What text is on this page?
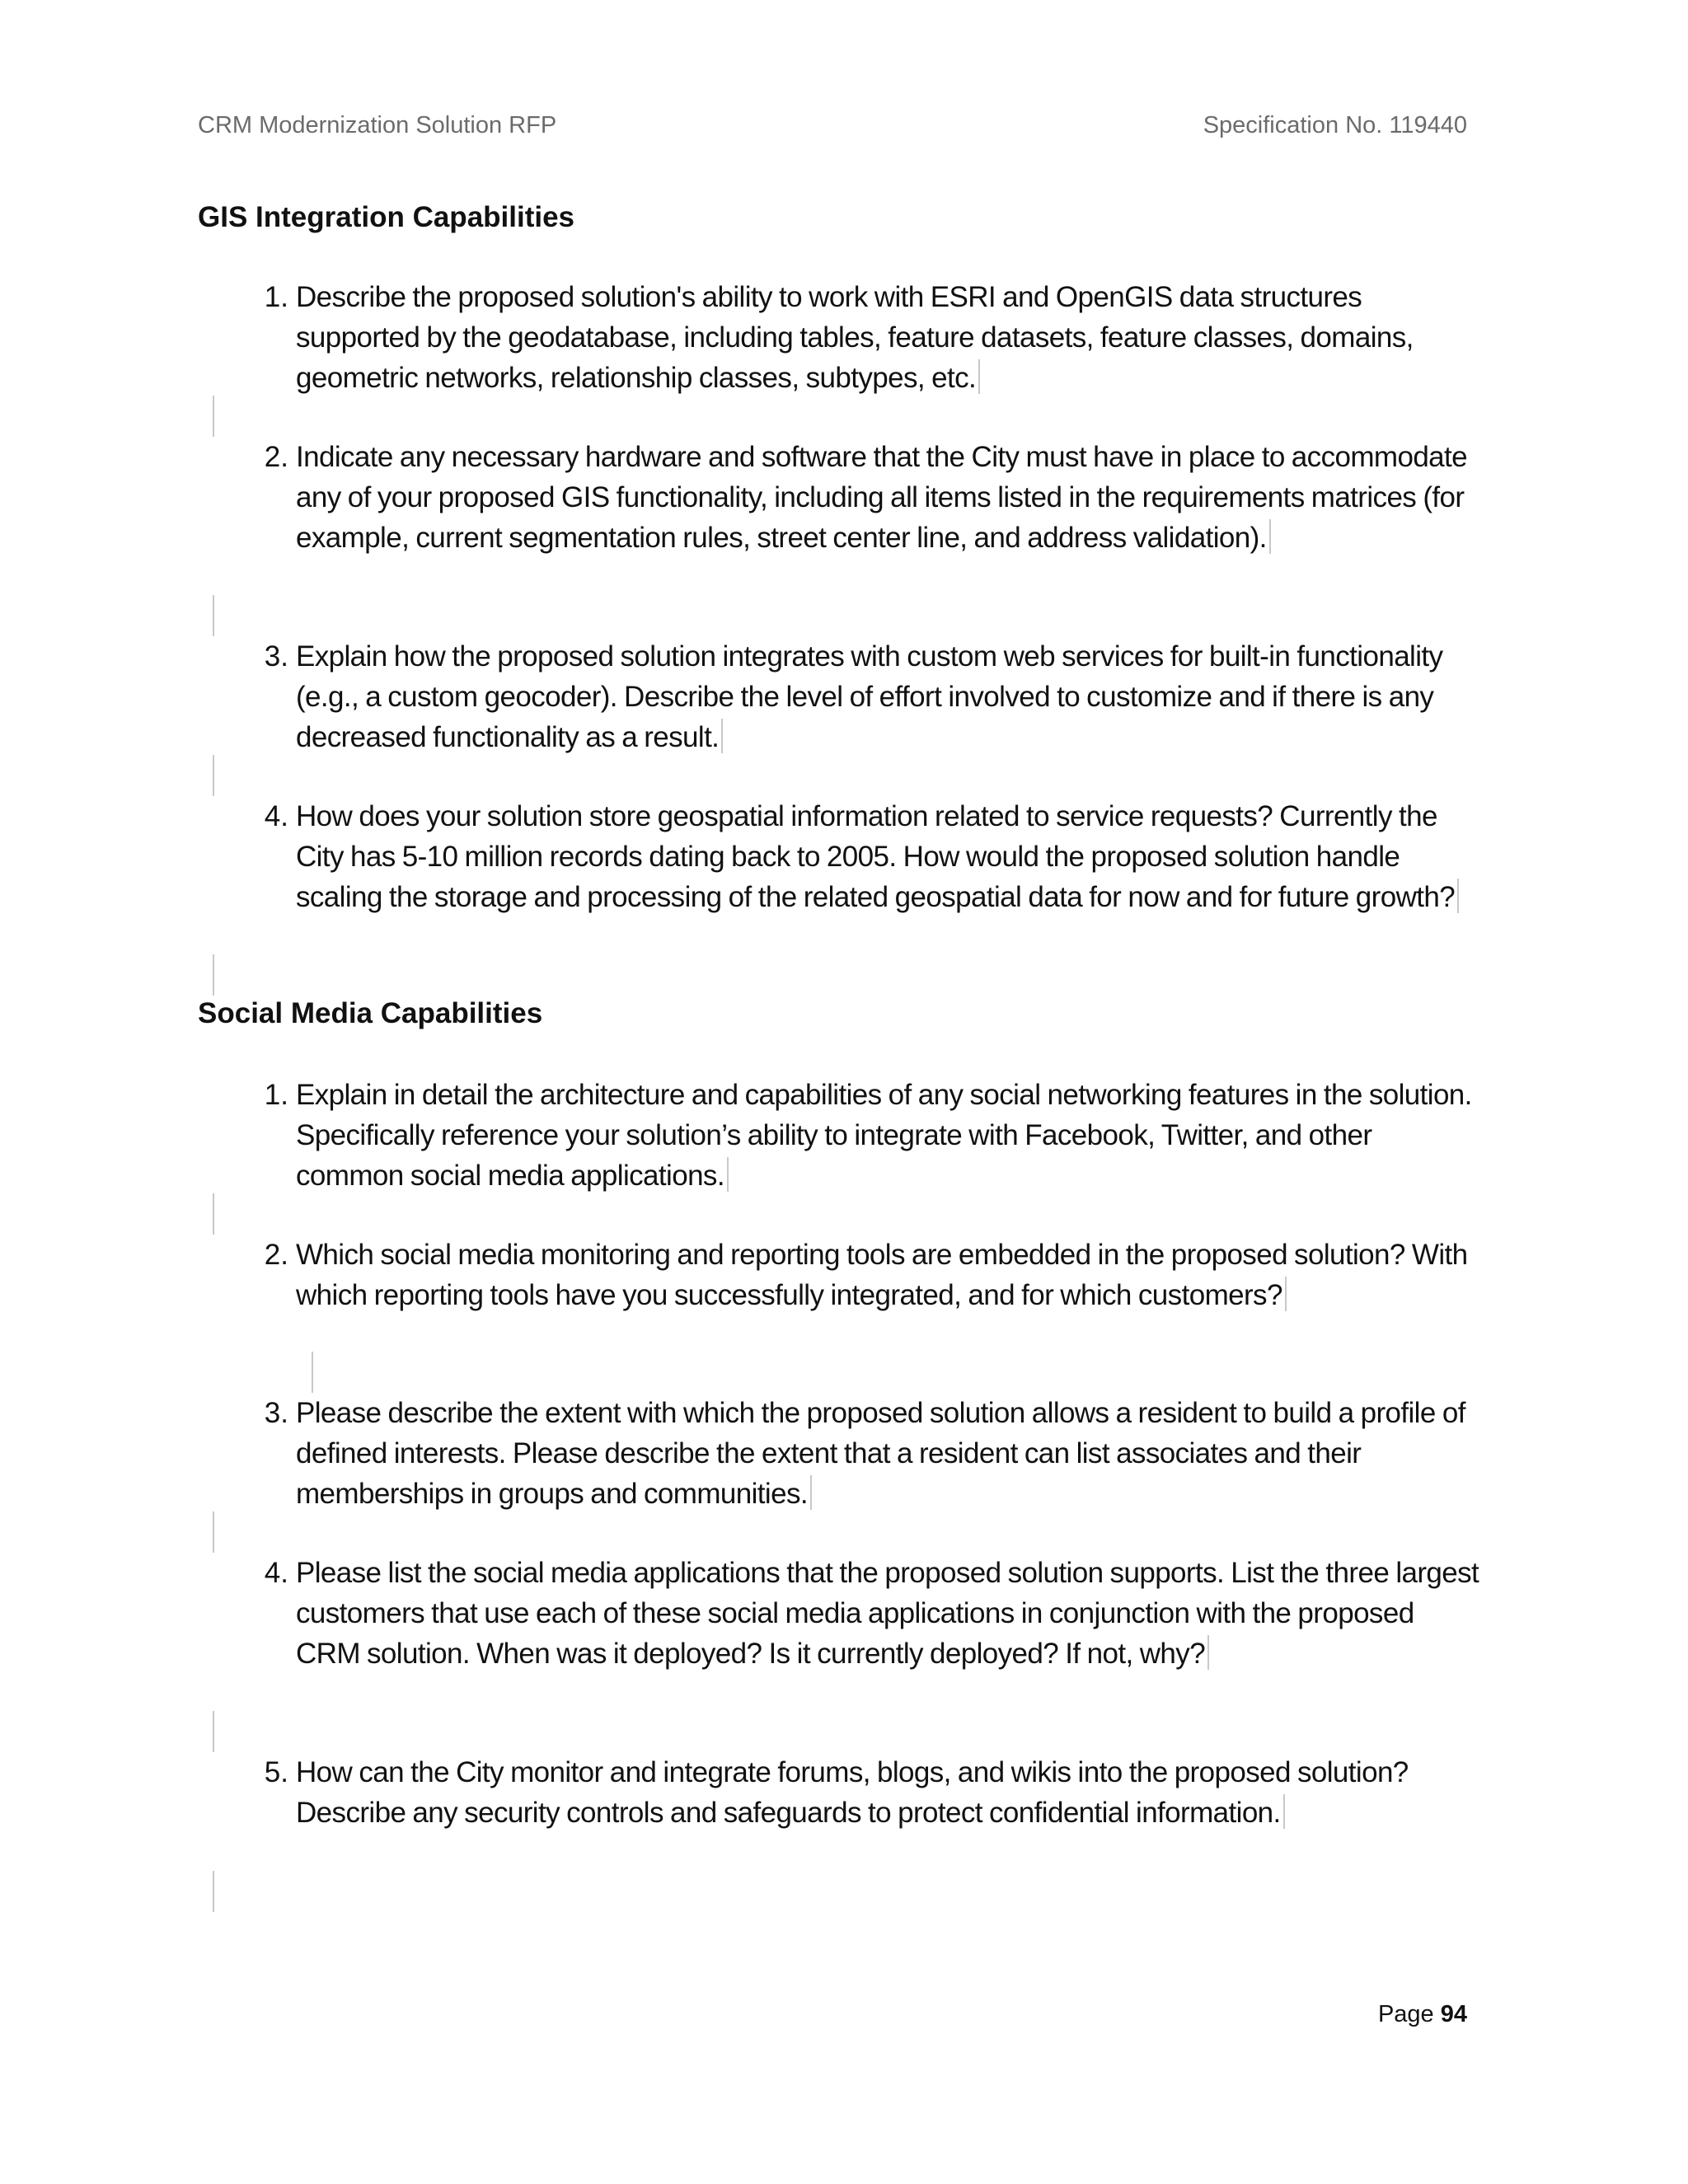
CRM Modernization Solution RFP	Specification No. 119440
GIS Integration Capabilities
1. Describe the proposed solution's ability to work with ESRI and OpenGIS data structures supported by the geodatabase, including tables, feature datasets, feature classes, domains, geometric networks, relationship classes, subtypes, etc.
2. Indicate any necessary hardware and software that the City must have in place to accommodate any of your proposed GIS functionality, including all items listed in the requirements matrices (for example, current segmentation rules, street center line, and address validation).
3. Explain how the proposed solution integrates with custom web services for built-in functionality (e.g., a custom geocoder). Describe the level of effort involved to customize and if there is any decreased functionality as a result.
4. How does your solution store geospatial information related to service requests? Currently the City has 5-10 million records dating back to 2005. How would the proposed solution handle scaling the storage and processing of the related geospatial data for now and for future growth?
Social Media Capabilities
1. Explain in detail the architecture and capabilities of any social networking features in the solution. Specifically reference your solution’s ability to integrate with Facebook, Twitter, and other common social media applications.
2. Which social media monitoring and reporting tools are embedded in the proposed solution? With which reporting tools have you successfully integrated, and for which customers?
3. Please describe the extent with which the proposed solution allows a resident to build a profile of defined interests. Please describe the extent that a resident can list associates and their memberships in groups and communities.
4. Please list the social media applications that the proposed solution supports. List the three largest customers that use each of these social media applications in conjunction with the proposed CRM solution. When was it deployed? Is it currently deployed? If not, why?
5. How can the City monitor and integrate forums, blogs, and wikis into the proposed solution? Describe any security controls and safeguards to protect confidential information.
Page 94
